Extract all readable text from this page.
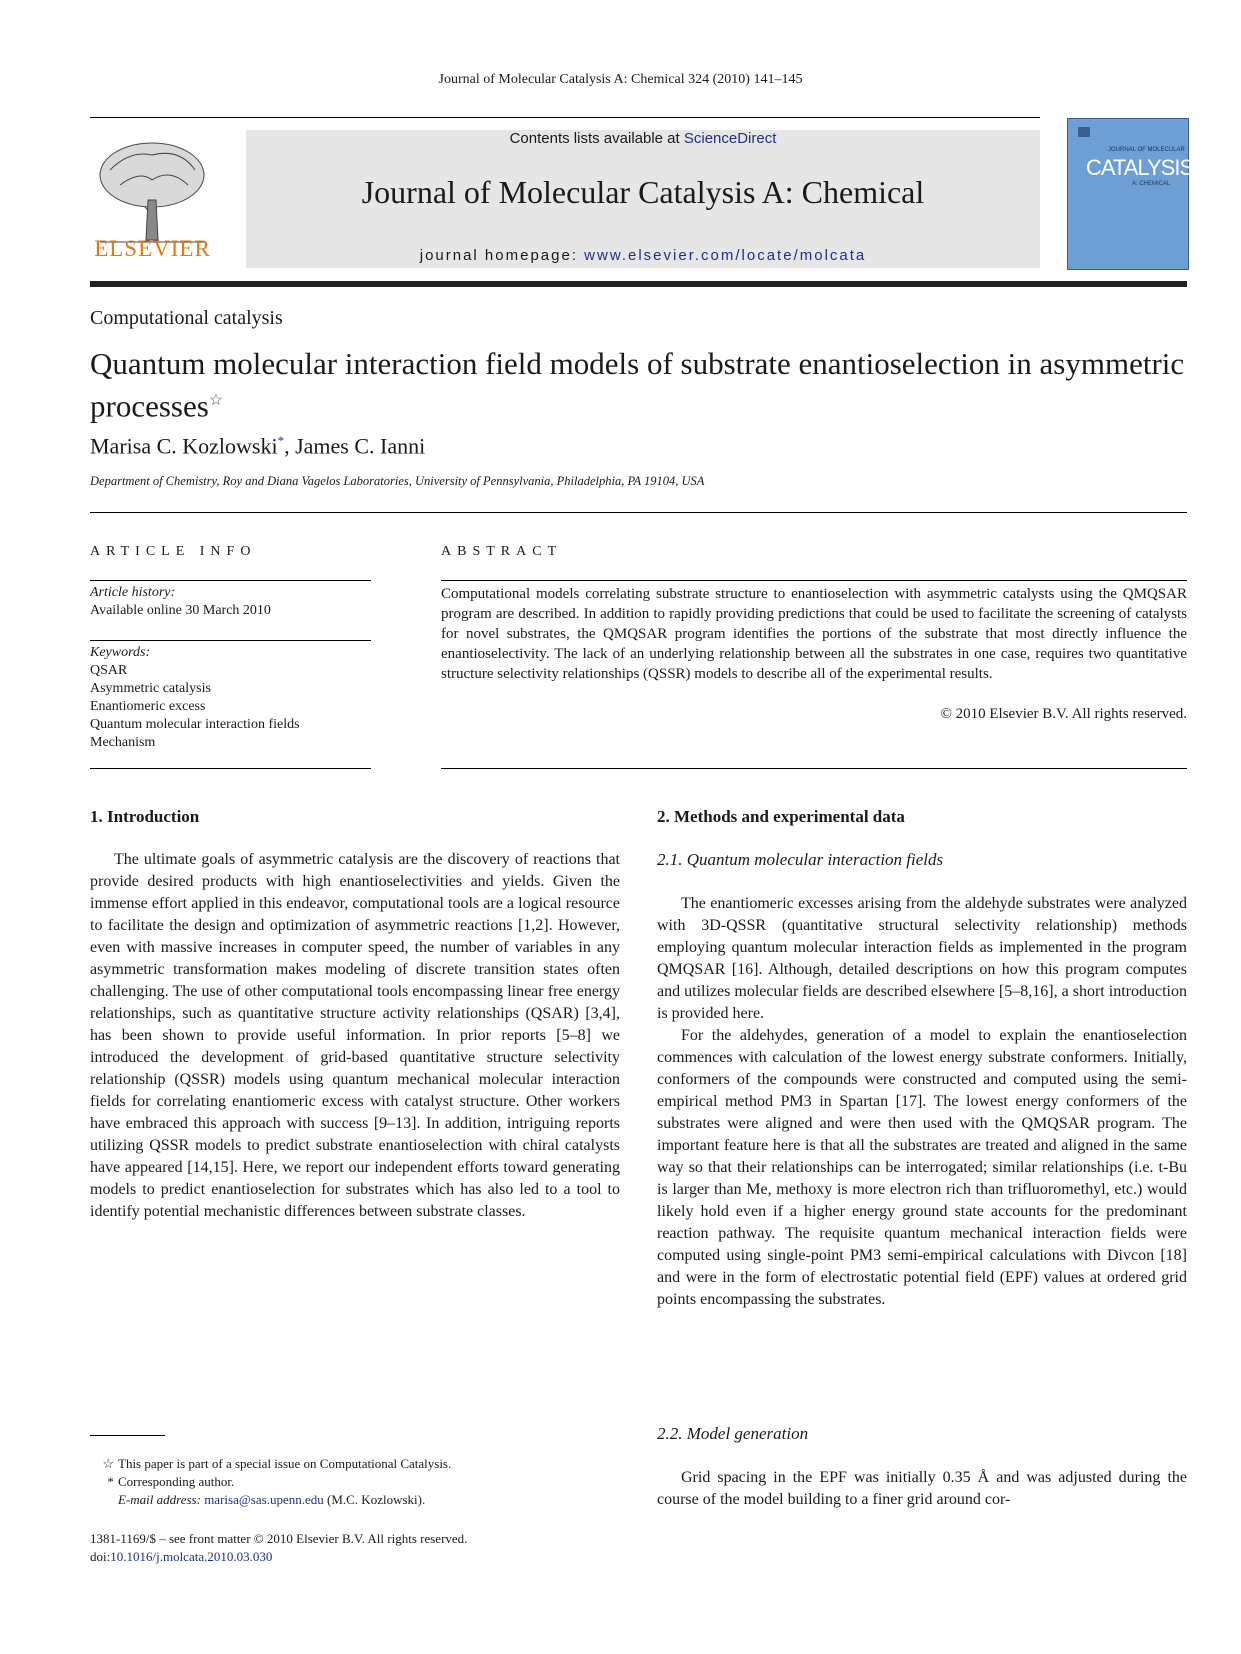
Journal of Molecular Catalysis A: Chemical 324 (2010) 141–145
ELSEVIER
Contents lists available at ScienceDirect
Journal of Molecular Catalysis A: Chemical
journal homepage: www.elsevier.com/locate/molcata
JOURNAL OF MOLECULAR
CATALYSIS
A: CHEMICAL
Computational catalysis
Quantum molecular interaction field models of substrate enantioselection in asymmetric processes☆
Marisa C. Kozlowski*, James C. Ianni
Department of Chemistry, Roy and Diana Vagelos Laboratories, University of Pennsylvania, Philadelphia, PA 19104, USA
ARTICLE INFO	ABSTRACT
Article history:
Available online 30 March 2010
Keywords:
QSAR
Asymmetric catalysis
Enantiomeric excess
Quantum molecular interaction fields
Mechanism
Computational models correlating substrate structure to enantioselection with asymmetric catalysts using the QMQSAR program are described. In addition to rapidly providing predictions that could be used to facilitate the screening of catalysts for novel substrates, the QMQSAR program identifies the portions of the substrate that most directly influence the enantioselectivity. The lack of an underlying relationship between all the substrates in one case, requires two quantitative structure selectivity relationships (QSSR) models to describe all of the experimental results.
© 2010 Elsevier B.V. All rights reserved.
1. Introduction

The ultimate goals of asymmetric catalysis are the discovery of reactions that provide desired products with high enantioselectivities and yields. Given the immense effort applied in this endeavor, computational tools are a logical resource to facilitate the design and optimization of asymmetric reactions [1,2]. However, even with massive increases in computer speed, the number of variables in any asymmetric transformation makes modeling of discrete transition states often challenging. The use of other computational tools encompassing linear free energy relationships, such as quantitative structure activity relationships (QSAR) [3,4], has been shown to provide useful information. In prior reports [5–8] we introduced the development of grid-based quantitative structure selectivity relationship (QSSR) models using quantum mechanical molecular interaction fields for correlating enantiomeric excess with catalyst structure. Other workers have embraced this approach with success [9–13]. In addition, intriguing reports utilizing QSSR models to predict substrate enantioselection with chiral catalysts have appeared [14,15]. Here, we report our independent efforts toward generating models to predict enantioselection for substrates which has also led to a tool to identify potential mechanistic differences between substrate classes.

2. Methods and experimental data
2.1. Quantum molecular interaction fields

The enantiomeric excesses arising from the aldehyde substrates were analyzed with 3D-QSSR (quantitative structural selectivity relationship) methods employing quantum molecular interaction fields as implemented in the program QMQSAR [16]. Although, detailed descriptions on how this program computes and utilizes molecular fields are described elsewhere [5–8,16], a short introduction is provided here.

For the aldehydes, generation of a model to explain the enantioselection commences with calculation of the lowest energy substrate conformers. Initially, conformers of the compounds were constructed and computed using the semi-empirical method PM3 in Spartan [17]. The lowest energy conformers of the substrates were aligned and were then used with the QMQSAR program. The important feature here is that all the substrates are treated and aligned in the same way so that their relationships can be interrogated; similar relationships (i.e. t-Bu is larger than Me, methoxy is more electron rich than trifluoromethyl, etc.) would likely hold even if a higher energy ground state accounts for the predominant reaction pathway. The requisite quantum mechanical interaction fields were computed using single-point PM3 semi-empirical calculations with Divcon [18] and were in the form of electrostatic potential field (EPF) values at ordered grid points encompassing the substrates.

2.2. Model generation

Grid spacing in the EPF was initially 0.35 Å and was adjusted during the course of the model building to a finer grid around cor-

☆ This paper is part of a special issue on Computational Catalysis.
* Corresponding author.
E-mail address: marisa@sas.upenn.edu (M.C. Kozlowski).
1381-1169/$ – see front matter © 2010 Elsevier B.V. All rights reserved.
doi:10.1016/j.molcata.2010.03.030
